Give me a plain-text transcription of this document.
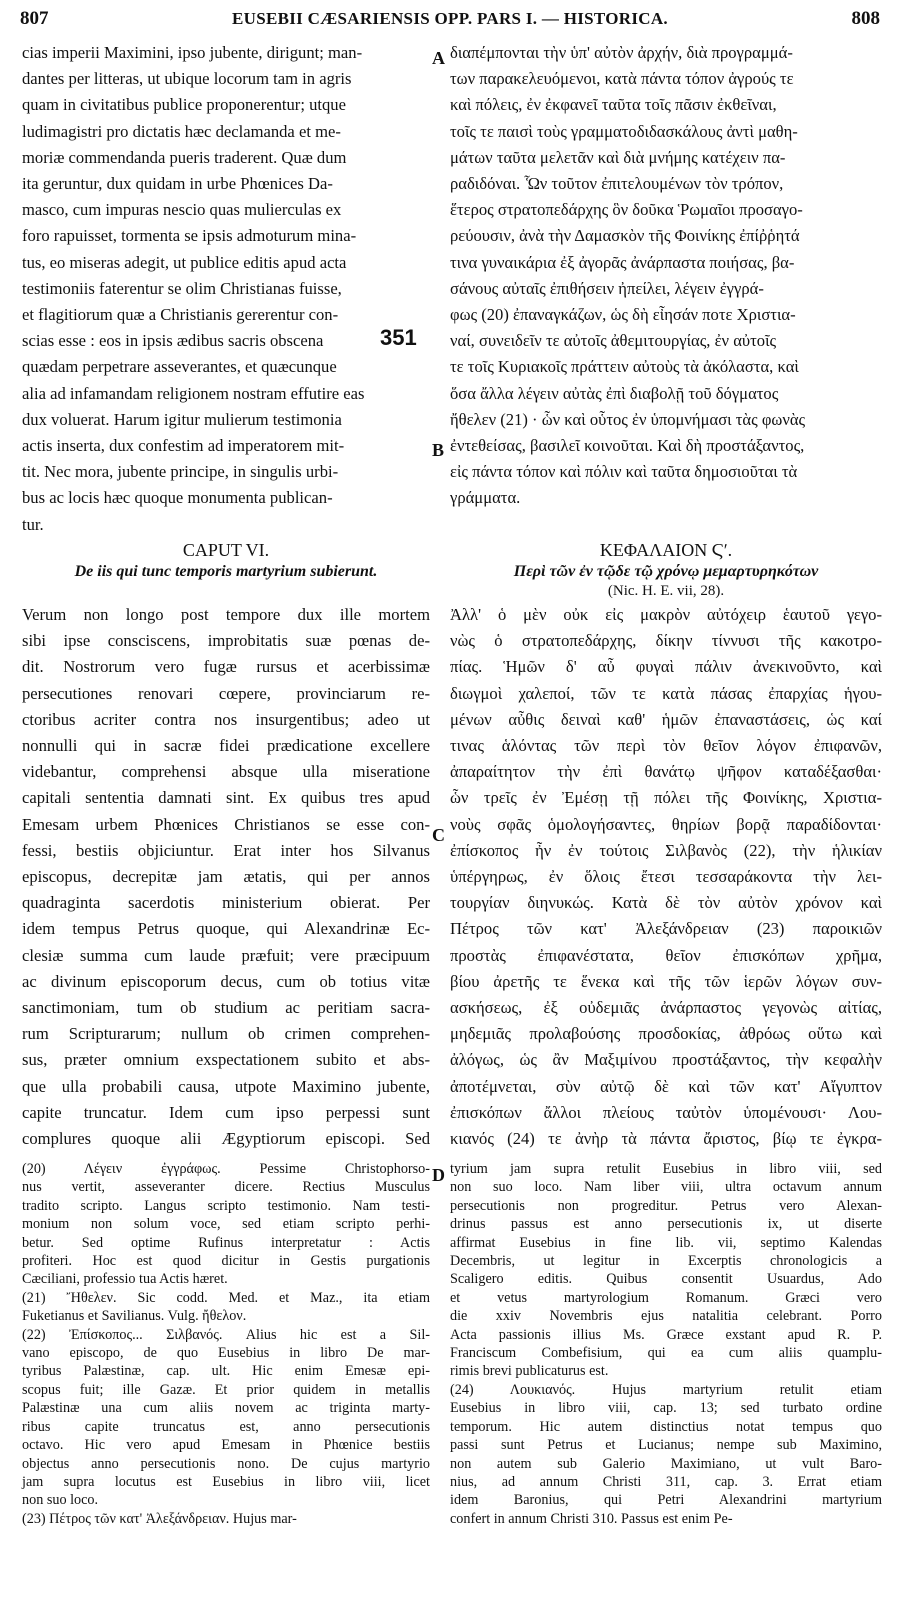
807	EUSEBII CÆSARIENSIS OPP. PARS I. — HISTORICA.	808

cias imperii Maximini, ipso jubente, dirigunt; man-
dantes per litteras, ut ubique locorum tam in agris
quam in civitatibus publice proponerentur; utque
ludimagistri pro dictatis hæc declamanda et me-
moriæ commendanda pueris traderent. Quæ dum
ita geruntur, dux quidam in urbe Phœnices Da-
masco, cum impuras nescio quas mulierculas ex
foro rapuisset, tormenta se ipsis admoturum mina-
tus, eo miseras adegit, ut publice editis apud acta
testimoniis faterentur se olim Christianas fuisse,
et flagitiorum quæ a Christianis gererentur con-
scias esse : eos in ipsis ædibus sacris obscena
quædam perpetrare asseverantes, et quæcunque
alia ad infamandam religionem nostram effutire eas
dux voluerat. Harum igitur mulierum testimonia
actis inserta, dux confestim ad imperatorem mit-
tit. Nec mora, jubente principe, in singulis urbi-
bus ac locis hæc quoque monumenta publican-
tur.

διαπέμπονται τὴν ὑπ' αὐτὸν ἀρχήν, διὰ προγραμμά-
των παρακελευόμενοι, κατὰ πάντα τόπον ἀγρούς τε
καὶ πόλεις, ἐν ἐκφανεῖ ταῦτα τοῖς πᾶσιν ἐκθεῖναι,
τοῖς τε παισὶ τοὺς γραμματοδιδασκάλους ἀντὶ μαθη-
μάτων ταῦτα μελετᾶν καὶ διὰ μνήμης κατέχειν πα-
ραδιδόναι. Ὧν τοῦτον ἐπιτελουμένων τὸν τρόπον,
ἕτερος στρατοπεδάρχης ὃν δοῦκα Ῥωμαῖοι προσαγο-
ρεύουσιν, ἀνὰ τὴν Δαμασκὸν τῆς Φοινίκης ἐπίῤῥητά
τινα γυναικάρια ἐξ ἀγορᾶς ἀνάρπαστα ποιήσας, βα-
σάνους αὐταῖς ἐπιθήσειν ἠπείλει, λέγειν ἐγγρά-
φως (20) ἐπαναγκάζων, ὡς δὴ εἶησάν ποτε Χριστια-
ναί, συνειδεῖν τε αὐτοῖς ἀθεμιτουργίας, ἐν αὐτοῖς
τε τοῖς Κυριακοῖς πράττειν αὐτοὺς τὰ ἀκόλαστα, καὶ
ὅσα ἄλλα λέγειν αὐτὰς ἐπὶ διαβολῇ τοῦ δόγματος
ἤθελεν (21) · ὧν καὶ οὗτος ἐν ὑπομνήμασι τὰς φωνὰς
ἐντεθείσας, βασιλεῖ κοινοῦται. Καὶ δὴ προστάξαντος,
εἰς πάντα τόπον καὶ πόλιν καὶ ταῦτα δημοσιοῦται τὰ
γράμματα.

CAPUT VI.

De iis qui tunc temporis martyrium subierunt.

ΚΕΦΑΛΑΙΟΝ Ϛʹ.

Περὶ τῶν ἐν τῷδε τῷ χρόνῳ μεμαρτυρηκότων

(Nic. H. E. vii, 28).

Verum non longo post tempore dux ille mortem
sibi ipse consciscens, improbitatis suæ pœnas de-
dit. Nostrorum vero fugæ rursus et acerbissimæ
persecutiones renovari cœpere, provinciarum re-
ctoribus acriter contra nos insurgentibus; adeo ut
nonnulli qui in sacræ fidei prædicatione excellere
videbantur, comprehensi absque ulla miseratione
capitali sententia damnati sint. Ex quibus tres apud
Emesam urbem Phœnices Christianos se esse con-
fessi, bestiis objiciuntur. Erat inter hos Silvanus
episcopus, decrepitæ jam ætatis, qui per annos
quadraginta sacerdotis ministerium obierat. Per
idem tempus Petrus quoque, qui Alexandrinæ Ec-
clesiæ summa cum laude præfuit; vere præcipuum
ac divinum episcoporum decus, cum ob totius vitæ
sanctimoniam, tum ob studium ac peritiam sacra-
rum Scripturarum; nullum ob crimen comprehen-
sus, præter omnium exspectationem subito et abs-
que ulla probabili causa, utpote Maximino jubente,
capite truncatur. Idem cum ipso perpessi sunt
complures quoque alii Ægyptiorum episcopi. Sed

Ἀλλ' ὁ μὲν οὐκ εἰς μακρὸν αὐτόχειρ ἑαυτοῦ γεγο-
νὼς ὁ στρατοπεδάρχης, δίκην τίννυσι τῆς κακοτρο-
πίας. Ἡμῶν δ' αὖ φυγαὶ πάλιν ἀνεκινοῦντο, καὶ
διωγμοὶ χαλεποί, τῶν τε κατὰ πάσας ἐπαρχίας ἡγου-
μένων αὖθις δειναὶ καθ' ἡμῶν ἐπαναστάσεις, ὡς καί
τινας ἁλόντας τῶν περὶ τὸν θεῖον λόγον ἐπιφανῶν,
ἀπαραίτητον τὴν ἐπὶ θανάτῳ ψῆφον καταδέξασθαι·
ὧν τρεῖς ἐν Ἐμέσῃ τῇ πόλει τῆς Φοινίκης, Χριστια-
νοὺς σφᾶς ὁμολογήσαντες, θηρίων βορᾷ παραδίδονται·
ἐπίσκοπος ἦν ἐν τούτοις Σιλβανὸς (22), τὴν ἡλικίαν
ὑπέργηρως, ἐν ὅλοις ἔτεσι τεσσαράκοντα τὴν λει-
τουργίαν διηνυκώς. Κατὰ δὲ τὸν αὐτὸν χρόνον καὶ
Πέτρος τῶν κατ' Ἀλεξάνδρειαν (23) παροικιῶν
προστὰς ἐπιφανέστατα, θεῖον ἐπισκόπων χρῆμα,
βίου ἀρετῆς τε ἕνεκα καὶ τῆς τῶν ἱερῶν λόγων συν-
ασκήσεως, ἐξ οὐδεμιᾶς ἀνάρπαστος γεγονὼς αἰτίας,
μηδεμιᾶς προλαβούσης προσδοκίας, ἀθρόως οὕτω καὶ
ἀλόγως, ὡς ἂν Μαξιμίνου προστάξαντος, τὴν κεφαλὴν
ἀποτέμνεται, σὺν αὐτῷ δὲ καὶ τῶν κατ' Αἴγυπτον
ἐπισκόπων ἄλλοι πλείους ταὐτὸν ὑπομένουσι· Λου-
κιανός (24) τε ἀνὴρ τὰ πάντα ἄριστος, βίῳ τε ἐγκρα-

A
B
C
D
351

(20) Λέγειν ἐγγράφως. Pessime Christophorso-
nus vertit, asseveranter dicere. Rectius Musculus
tradito scripto. Langus scripto testimonio. Nam testi-
monium non solum voce, sed etiam scripto perhi-
betur. Sed optime Rufinus interpretatur : Actis
profiteri. Hoc est quod dicitur in Gestis purgationis
Cæciliani, professio tua Actis hæret.

(21) Ἤθελεν. Sic codd. Med. et Maz., ita etiam
Fuketianus et Savilianus. Vulg. ἤθελον.

(22) Ἐπίσκοπος... Σιλβανός. Alius hic est a Sil-
vano episcopo, de quo Eusebius in libro De mar-
tyribus Palæstinæ, cap. ult. Hic enim Emesæ epi-
scopus fuit; ille Gazæ. Et prior quidem in metallis
Palæstinæ una cum aliis novem ac triginta marty-
ribus capite truncatus est, anno persecutionis
octavo. Hic vero apud Emesam in Phœnice bestiis
objectus anno persecutionis nono. De cujus martyrio
jam supra locutus est Eusebius in libro viii, licet
non suo loco.

(23) Πέτρος τῶν κατ' Ἀλεξάνδρειαν. Hujus mar-

tyrium jam supra retulit Eusebius in libro viii, sed
non suo loco. Nam liber viii, ultra octavum annum
persecutionis non progreditur. Petrus vero Alexan-
drinus passus est anno persecutionis ix, ut diserte
affirmat Eusebius in fine lib. vii, septimo Kalendas
Decembris, ut legitur in Excerptis chronologicis a
Scaligero editis. Quibus consentit Usuardus, Ado
et vetus martyrologium Romanum. Græci vero
die xxiv Novembris ejus natalitia celebrant. Porro
Acta passionis illius Ms. Græce exstant apud R. P.
Franciscum Combefisium, qui ea cum aliis quamplu-
rimis brevi publicaturus est.

(24) Λουκιανός. Hujus martyrium retulit etiam
Eusebius in libro viii, cap. 13; sed turbato ordine
temporum. Hic autem distinctius notat tempus quo
passi sunt Petrus et Lucianus; nempe sub Maximino,
non autem sub Galerio Maximiano, ut vult Baro-
nius, ad annum Christi 311, cap. 3. Errat etiam
idem Baronius, qui Petri Alexandrini martyrium
confert in annum Christi 310. Passus est enim Pe-
